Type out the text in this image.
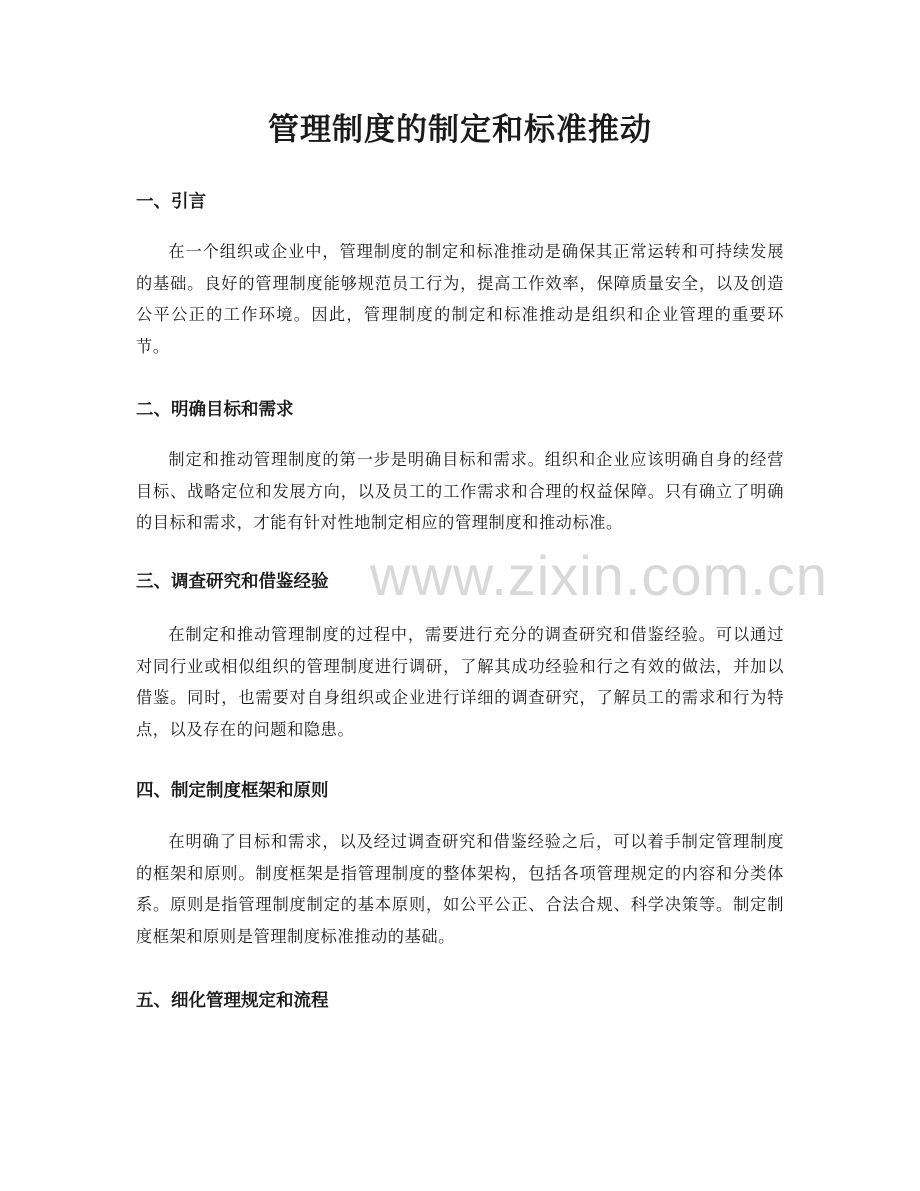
管理制度的制定和标准推动
一、引言

在一个组织或企业中，管理制度的制定和标准推动是确保其正常运转和可持续发展的基础。良好的管理制度能够规范员工行为，提高工作效率，保障质量安全，以及创造公平公正的工作环境。因此，管理制度的制定和标准推动是组织和企业管理的重要环节。

二、明确目标和需求

制定和推动管理制度的第一步是明确目标和需求。组织和企业应该明确自身的经营目标、战略定位和发展方向，以及员工的工作需求和合理的权益保障。只有确立了明确的目标和需求，才能有针对性地制定相应的管理制度和推动标准。

三、调查研究和借鉴经验

在制定和推动管理制度的过程中，需要进行充分的调查研究和借鉴经验。可以通过对同行业或相似组织的管理制度进行调研，了解其成功经验和行之有效的做法，并加以借鉴。同时，也需要对自身组织或企业进行详细的调查研究，了解员工的需求和行为特点，以及存在的问题和隐患。

四、制定制度框架和原则

在明确了目标和需求，以及经过调查研究和借鉴经验之后，可以着手制定管理制度的框架和原则。制度框架是指管理制度的整体架构，包括各项管理规定的内容和分类体系。原则是指管理制度制定的基本原则，如公平公正、合法合规、科学决策等。制定制度框架和原则是管理制度标准推动的基础。

五、细化管理规定和流程
www.zixin.com.cn
